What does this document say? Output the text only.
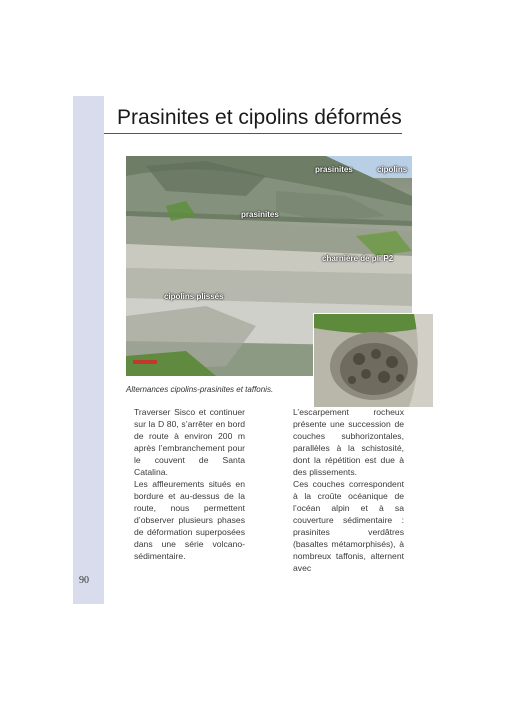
90
Prasinites et cipolins déformés
prasinites	cipolins
prasinites
charnière de pli P2
cipolins plissés
Alternances cipolins-prasinites et taffonis.

Traverser Sisco et continuer sur la D 80, s’arrêter en bord de route à environ 200 m après l’embranchement pour le couvent de Santa Catalina.

Les affleurements situés en bordure et au-dessus de la route, nous permettent d’observer plusieurs phases de déformation superposées dans une série volcano-sédimentaire.

L’escarpement rocheux présente une succession de couches subhorizontales, parallèles à la schistosité, dont la répétition est due à des plissements.

Ces couches correspondent à la croûte océanique de l’océan alpin et à sa couverture sédimentaire : prasinites verdâtres (basaltes métamorphisés), à nombreux taffonis, alternent avec
